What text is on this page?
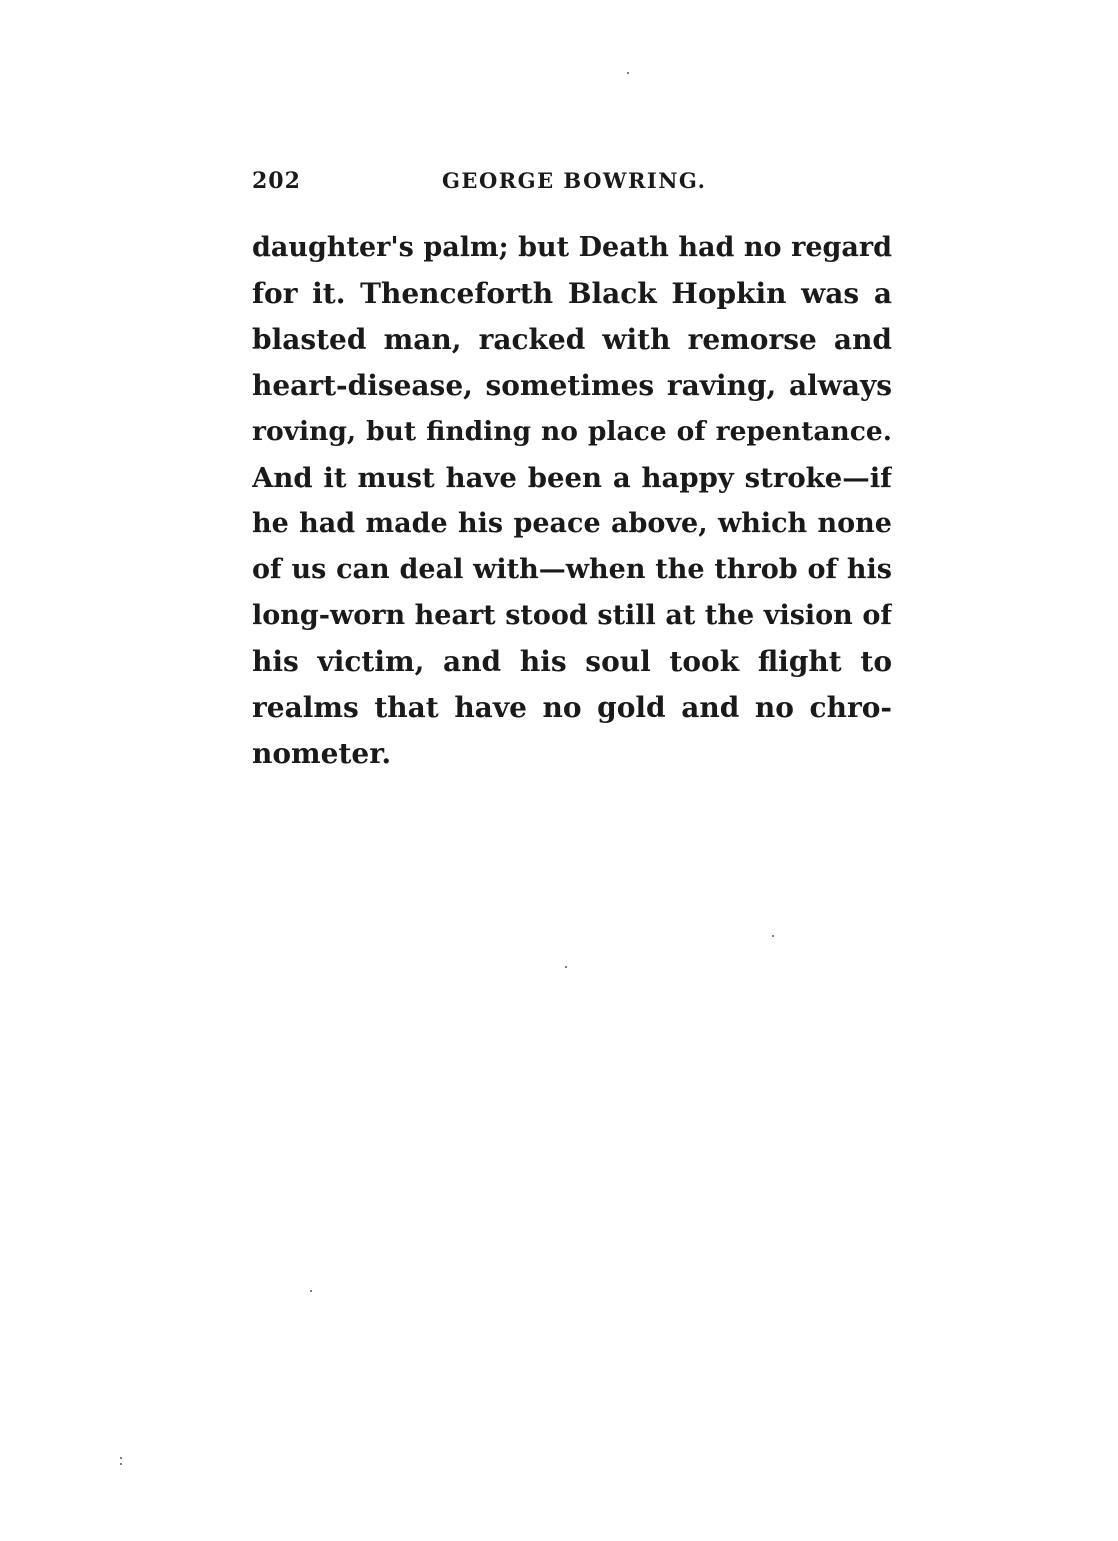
202	GEORGE BOWRING.
daughter's palm; but Death had no regard
for it. Thenceforth Black Hopkin was a
blasted man, racked with remorse and
heart-disease, sometimes raving, always
roving, but finding no place of repentance.
And it must have been a happy stroke—if
he had made his peace above, which none
of us can deal with—when the throb of his
long-worn heart stood still at the vision of
his victim, and his soul took flight to
realms that have no gold and no chro-
nometer.
